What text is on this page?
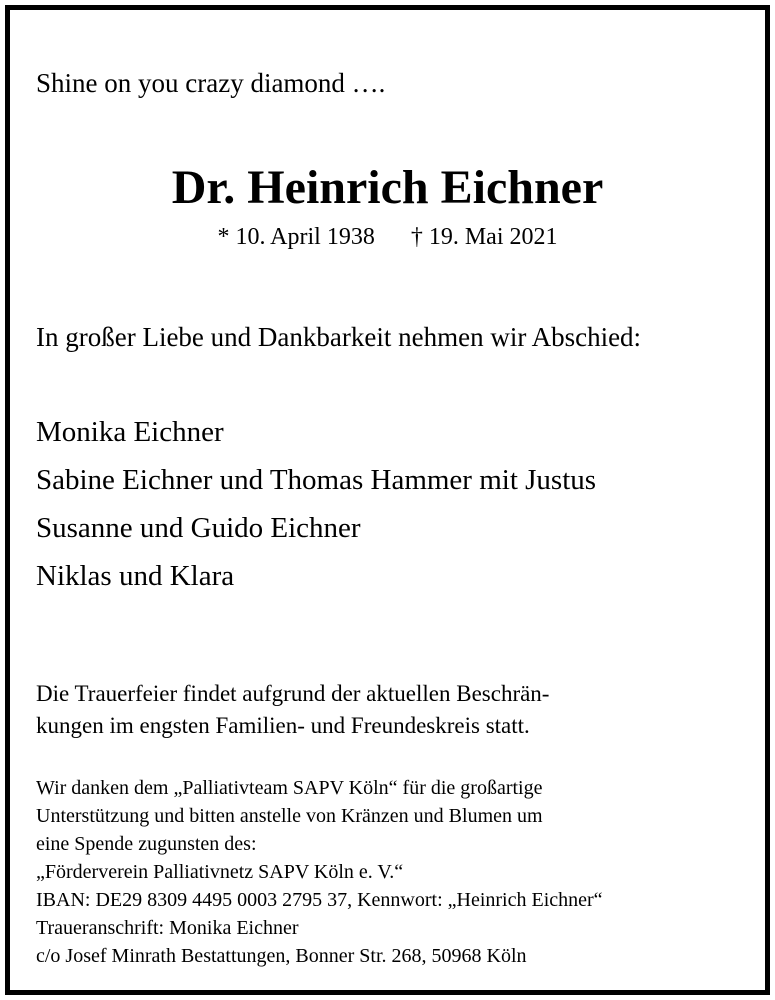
Shine on you crazy diamond ….
Dr. Heinrich Eichner
* 10. April 1938 † 19. Mai 2021
In großer Liebe und Dankbarkeit nehmen wir Abschied:
Monika Eichner
Sabine Eichner und Thomas Hammer mit Justus
Susanne und Guido Eichner
Niklas und Klara
Die Trauerfeier findet aufgrund der aktuellen Beschrän-
kungen im engsten Familien- und Freundeskreis statt.
Wir danken dem „Palliativteam SAPV Köln“ für die großartige
Unterstützung und bitten anstelle von Kränzen und Blumen um
eine Spende zugunsten des:
„Förderverein Palliativnetz SAPV Köln e. V.“
IBAN: DE29 8309 4495 0003 2795 37, Kennwort: „Heinrich Eichner“
Traueranschrift: Monika Eichner
c/o Josef Minrath Bestattungen, Bonner Str. 268, 50968 Köln
